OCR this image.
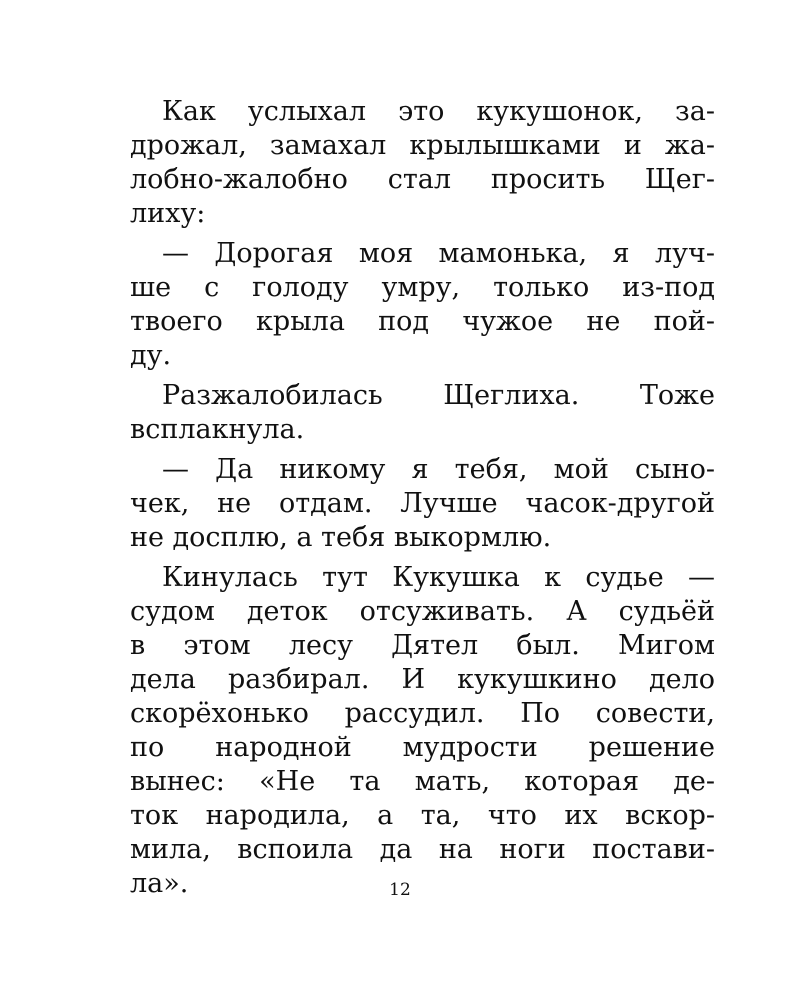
Как услыхал это кукушонок, за-
дрожал, замахал крылышками и жа-
лобно-жалобно стал просить Щег-
лиху:
— Дорогая моя мамонька, я луч-
ше с голоду умру, только из-под
твоего крыла под чужое не пой-
ду.
Разжалобилась Щеглиха. Тоже
всплакнула.
— Да никому я тебя, мой сыно-
чек, не отдам. Лучше часок-другой
не досплю, а тебя выкормлю.
Кинулась тут Кукушка к судье —
судом деток отсуживать. А судьёй
в этом лесу Дятел был. Мигом
дела разбирал. И кукушкино дело
скорёхонько рассудил. По совести,
по народной мудрости решение
вынес: «Не та мать, которая де-
ток народила, а та, что их вскор-
мила, вспоила да на ноги постави-
ла».	12
